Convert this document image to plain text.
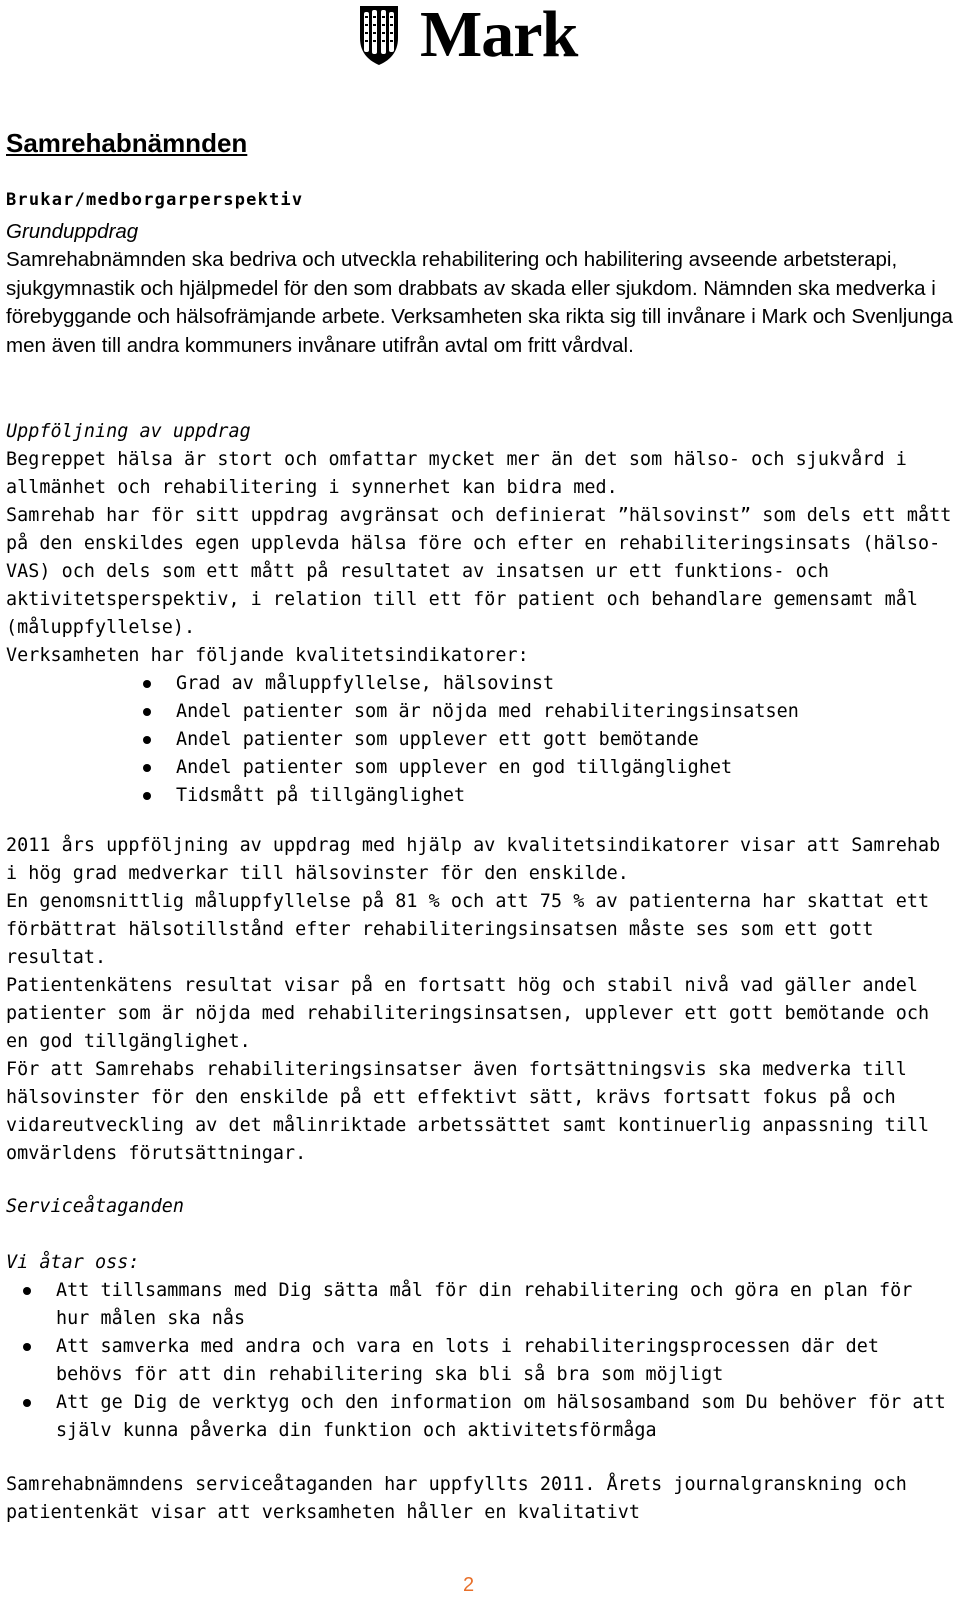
Mark
Samrehabnämnden
Brukar/medborgarperspektiv
Grunduppdrag

Samrehabnämnden ska bedriva och utveckla rehabilitering och habilitering avseende arbetsterapi, sjukgymnastik och hjälpmedel för den som drabbats av skada eller sjukdom. Nämnden ska medverka i förebyggande och hälsofrämjande arbete. Verksamheten ska rikta sig till invånare i Mark och Svenljunga men även till andra kommuners invånare utifrån avtal om fritt vårdval.

Uppföljning av uppdrag

Begreppet hälsa är stort och omfattar mycket mer än det som hälso- och sjukvård i allmänhet och rehabilitering i synnerhet kan bidra med.

Samrehab har för sitt uppdrag avgränsat och definierat ”hälsovinst” som dels ett mått på den enskildes egen upplevda hälsa före och efter en rehabiliteringsinsats (hälso-VAS) och dels som ett mått på resultatet av insatsen ur ett funktions- och aktivitetsperspektiv, i relation till ett för patient och behandlare gemensamt mål (måluppfyllelse).

Verksamheten har följande kvalitetsindikatorer:

Grad av måluppfyllelse, hälsovinst
Andel patienter som är nöjda med rehabiliteringsinsatsen
Andel patienter som upplever ett gott bemötande
Andel patienter som upplever en god tillgänglighet
Tidsmått på tillgänglighet

2011 års uppföljning av uppdrag med hjälp av kvalitetsindikatorer visar att Samrehab i hög grad medverkar till hälsovinster för den enskilde.

En genomsnittlig måluppfyllelse på 81 % och att 75 % av patienterna har skattat ett förbättrat hälsotillstånd efter rehabiliteringsinsatsen måste ses som ett gott resultat.

Patientenkätens resultat visar på en fortsatt hög och stabil nivå vad gäller andel patienter som är nöjda med rehabiliteringsinsatsen, upplever ett gott bemötande och en god tillgänglighet.

För att Samrehabs rehabiliteringsinsatser även fortsättningsvis ska medverka till hälsovinster för den enskilde på ett effektivt sätt, krävs fortsatt fokus på och vidareutveckling av det målinriktade arbetssättet samt kontinuerlig anpassning till omvärldens förutsättningar.

Serviceåtaganden
Vi åtar oss:
Att tillsammans med Dig sätta mål för din rehabilitering och göra en plan för hur målen ska nås
Att samverka med andra och vara en lots i rehabiliteringsprocessen där det behövs för att din rehabilitering ska bli så bra som möjligt
Att ge Dig de verktyg och den information om hälsosamband som Du behöver för att själv kunna påverka din funktion och aktivitetsförmåga

Samrehabnämndens serviceåtaganden har uppfyllts 2011. Årets journalgranskning och patientenkät visar att verksamheten håller en kvalitativt

2
